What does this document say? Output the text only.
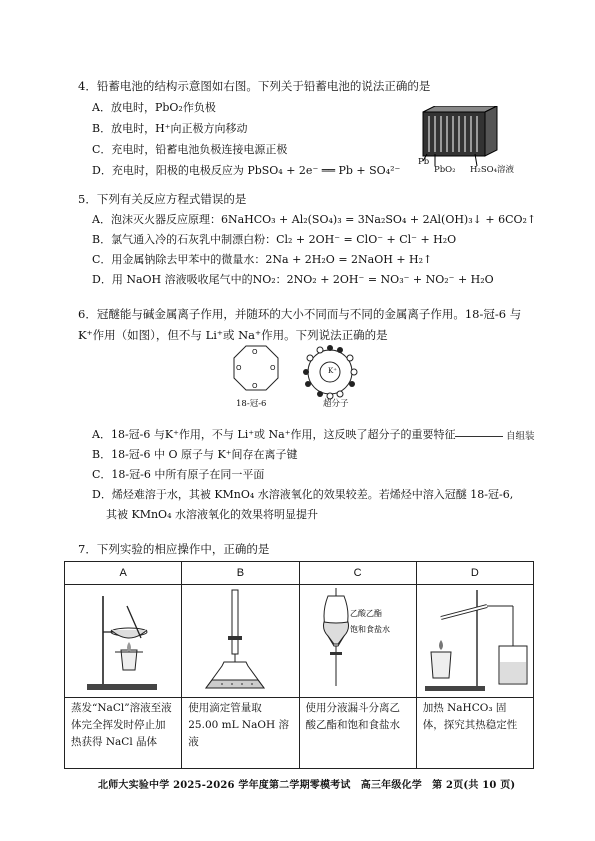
4．铅蓄电池的结构示意图如右图。下列关于铅蓄电池的说法正确的是
A．放电时，PbO₂作负极
B．放电时，H⁺向正极方向移动
C．充电时，铅蓄电池负极连接电源正极
D．充电时，阳极的电极反应为 PbSO₄ + 2e⁻ ══ Pb + SO₄²⁻
Pb
PbO₂ H₂SO₄溶液
5．下列有关反应方程式错误的是
A．泡沫灭火器反应原理：6NaHCO₃ + Al₂(SO₄)₃ = 3Na₂SO₄ + 2Al(OH)₃↓ + 6CO₂↑
B．氯气通入冷的石灰乳中制漂白粉：Cl₂ + 2OH⁻ = ClO⁻ + Cl⁻ + H₂O
C．用金属钠除去甲苯中的微量水：2Na + 2H₂O = 2NaOH + H₂↑
D．用 NaOH 溶液吸收尾气中的NO₂：2NO₂ + 2OH⁻ = NO₃⁻ + NO₂⁻ + H₂O
6．冠醚能与碱金属离子作用，并随环的大小不同而与不同的金属离子作用。18-冠-6 与
K⁺作用（如图），但不与 Li⁺或 Na⁺作用。下列说法正确的是
O
O
O
O	K⁺
18-冠-6	超分子
A．18-冠-6 与K⁺作用，不与 Li⁺或 Na⁺作用，这反映了超分子的重要特征
B．18-冠-6 中 O 原子与 K⁺间存在离子键
C．18-冠-6 中所有原子在同一平面
D．烯烃难溶于水，其被 KMnO₄ 水溶液氧化的效果较差。若烯烃中溶入冠醚 18-冠-6,
其被 KMnO₄ 水溶液氧化的效果将明显提升
自组装
7．下列实验的相应操作中，正确的是
A	B	C	D

乙酸乙酯
饱和食盐水

蒸发“NaCl”溶液至液体完全挥发时停止加热获得 NaCl 晶体	使用滴定管量取 25.00 mL NaOH 溶液	使用分液漏斗分离乙酸乙酯和饱和食盐水	加热 NaHCO₃ 固体，探究其热稳定性
北师大实验中学 2025-2026 学年度第二学期零模考试　高三年级化学　第 2页(共 10 页)
